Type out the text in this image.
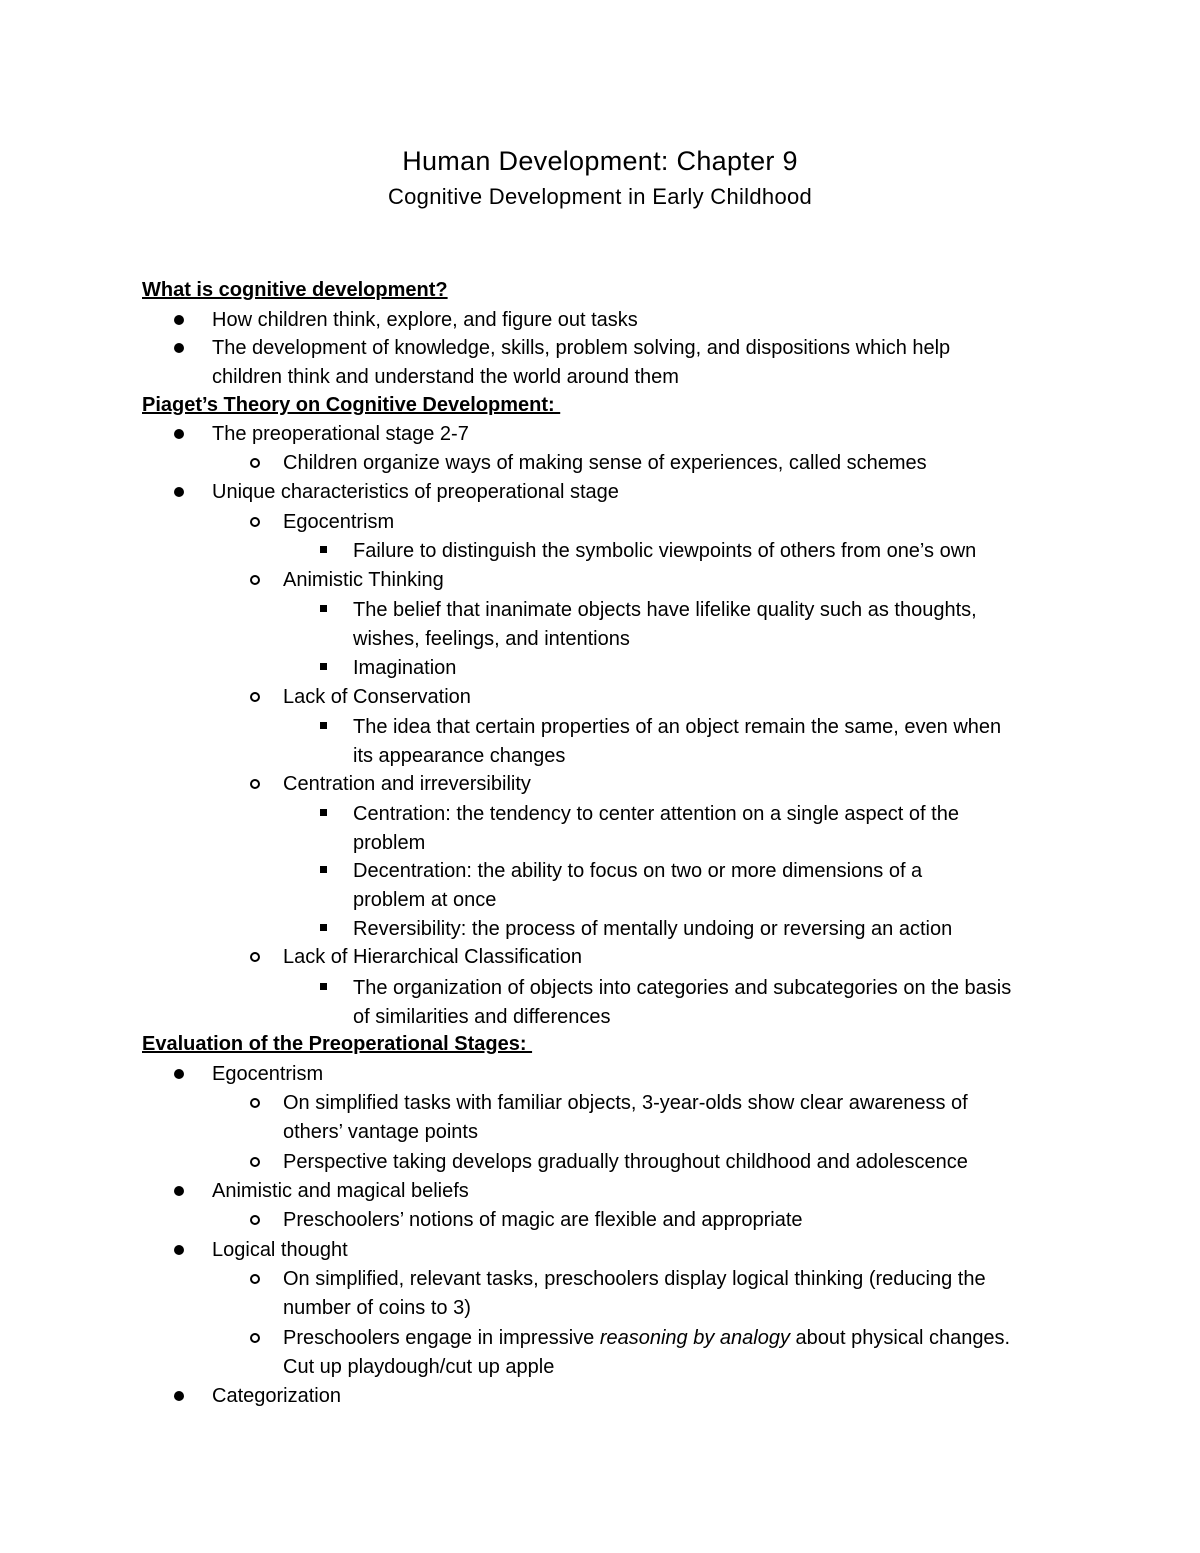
Human Development: Chapter 9
Cognitive Development in Early Childhood
What is cognitive development?
How children think, explore, and figure out tasks
The development of knowledge, skills, problem solving, and dispositions which help
children think and understand the world around them
Piaget’s Theory on Cognitive Development:
The preoperational stage 2-7
Children organize ways of making sense of experiences, called schemes
Unique characteristics of preoperational stage
Egocentrism
Failure to distinguish the symbolic viewpoints of others from one’s own
Animistic Thinking
The belief that inanimate objects have lifelike quality such as thoughts,
wishes, feelings, and intentions
Imagination
Lack of Conservation
The idea that certain properties of an object remain the same, even when
its appearance changes
Centration and irreversibility
Centration: the tendency to center attention on a single aspect of the
problem
Decentration: the ability to focus on two or more dimensions of a
problem at once
Reversibility: the process of mentally undoing or reversing an action
Lack of Hierarchical Classification
The organization of objects into categories and subcategories on the basis
of similarities and differences
Evaluation of the Preoperational Stages:
Egocentrism
On simplified tasks with familiar objects, 3-year-olds show clear awareness of
others’ vantage points
Perspective taking develops gradually throughout childhood and adolescence
Animistic and magical beliefs
Preschoolers’ notions of magic are flexible and appropriate
Logical thought
On simplified, relevant tasks, preschoolers display logical thinking (reducing the
number of coins to 3)
Preschoolers engage in impressive reasoning by analogy about physical changes.
Cut up playdough/cut up apple
Categorization
